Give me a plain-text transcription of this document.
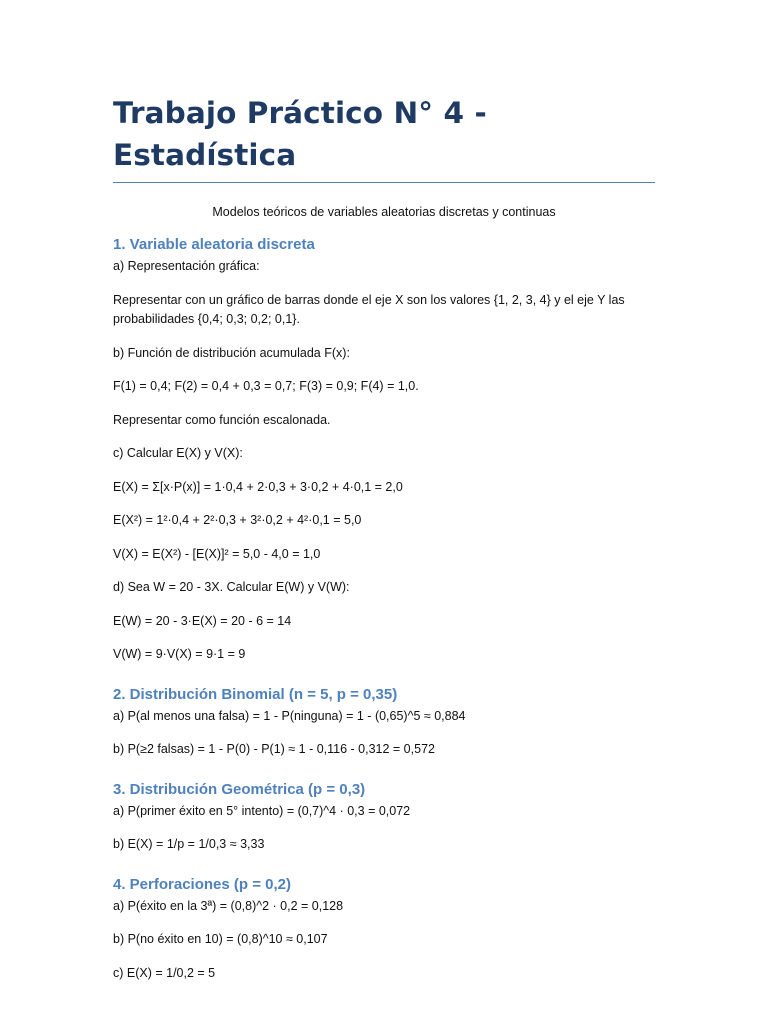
Trabajo Práctico N° 4 - Estadística
Modelos teóricos de variables aleatorias discretas y continuas
1. Variable aleatoria discreta
a) Representación gráfica:
Representar con un gráfico de barras donde el eje X son los valores {1, 2, 3, 4} y el eje Y las probabilidades {0,4; 0,3; 0,2; 0,1}.
b) Función de distribución acumulada F(x):
F(1) = 0,4; F(2) = 0,4 + 0,3 = 0,7; F(3) = 0,9; F(4) = 1,0.
Representar como función escalonada.
c) Calcular E(X) y V(X):
E(X) = Σ[x·P(x)] = 1·0,4 + 2·0,3 + 3·0,2 + 4·0,1 = 2,0
E(X²) = 1²·0,4 + 2²·0,3 + 3²·0,2 + 4²·0,1 = 5,0
V(X) = E(X²) - [E(X)]² = 5,0 - 4,0 = 1,0
d) Sea W = 20 - 3X. Calcular E(W) y V(W):
E(W) = 20 - 3·E(X) = 20 - 6 = 14
V(W) = 9·V(X) = 9·1 = 9
2. Distribución Binomial (n = 5, p = 0,35)
a) P(al menos una falsa) = 1 - P(ninguna) = 1 - (0,65)^5 ≈ 0,884
b) P(≥2 falsas) = 1 - P(0) - P(1) ≈ 1 - 0,116 - 0,312 = 0,572
3. Distribución Geométrica (p = 0,3)
a) P(primer éxito en 5° intento) = (0,7)^4 · 0,3 = 0,072
b) E(X) = 1/p = 1/0,3 ≈ 3,33
4. Perforaciones (p = 0,2)
a) P(éxito en la 3ª) = (0,8)^2 · 0,2 = 0,128
b) P(no éxito en 10) = (0,8)^10 ≈ 0,107
c) E(X) = 1/0,2 = 5
